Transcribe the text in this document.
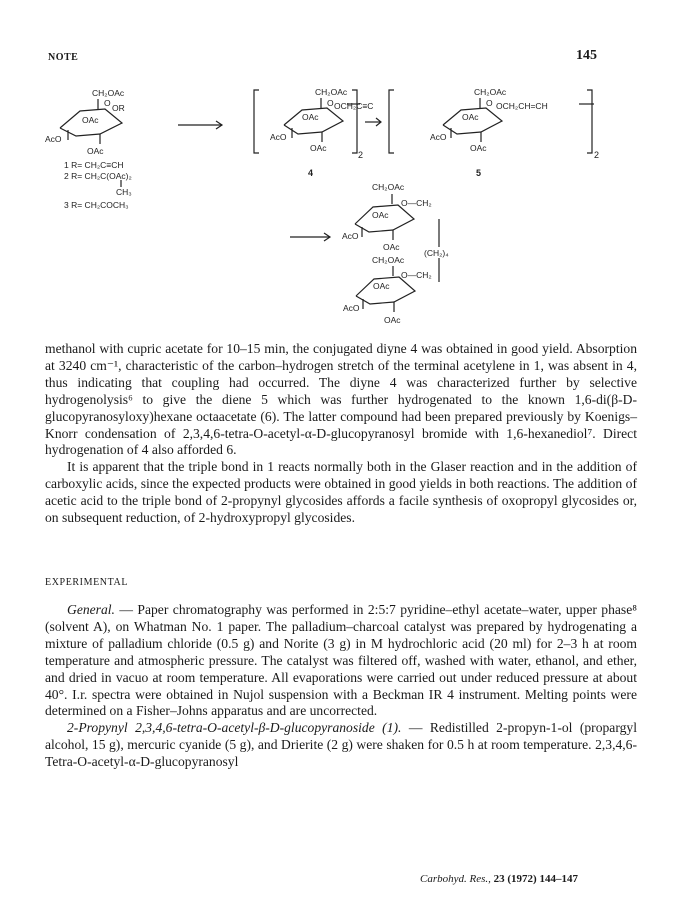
NOTE	145
CH₂OAc
O OR
OAc
AcO
OAc
1 R= CH₂C≡CH
2 R= CH₂C(OAc)₂
CH₃
3 R= CH₂COCH₃
CH₂OAc
O OCH₂C≡C
OAc
AcO
OAc
2
4
CH₂OAc
O OCH₂CH=CH
OAc
AcO
OAc
2
5
CH₂OAc
O—CH₂
OAc
AcO
OAc
(CH₂)₄
CH₂OAc
O—CH₂
OAc
AcO
OAc

methanol with cupric acetate for 10–15 min, the conjugated diyne 4 was obtained in good yield. Absorption at 3240 cm⁻¹, characteristic of the carbon–hydrogen stretch of the terminal acetylene in 1, was absent in 4, thus indicating that coupling had occurred. The diyne 4 was characterized further by selective hydrogenolysis⁶ to give the diene 5 which was further hydrogenated to the known 1,6-di(β-D-glucopyranosyloxy)hexane octaacetate (6). The latter compound had been prepared previously by Koenigs–Knorr condensation of 2,3,4,6-tetra-O-acetyl-α-D-glucopyranosyl bromide with 1,6-hexanediol⁷. Direct hydrogenation of 4 also afforded 6.

It is apparent that the triple bond in 1 reacts normally both in the Glaser reaction and in the addition of carboxylic acids, since the expected products were obtained in good yields in both reactions. The addition of acetic acid to the triple bond of 2-propynyl glycosides affords a facile synthesis of oxopropyl glycosides or, on subsequent reduction, of 2-hydroxypropyl glycosides.

EXPERIMENTAL

General. — Paper chromatography was performed in 2:5:7 pyridine–ethyl acetate–water, upper phase⁸ (solvent A), on Whatman No. 1 paper. The palladium–charcoal catalyst was prepared by hydrogenating a mixture of palladium chloride (0.5 g) and Norite (3 g) in M hydrochloric acid (20 ml) for 2–3 h at room temperature and atmospheric pressure. The catalyst was filtered off, washed with water, ethanol, and ether, and dried in vacuo at room temperature. All evaporations were carried out under reduced pressure at about 40°. I.r. spectra were obtained in Nujol suspension with a Beckman IR 4 instrument. Melting points were determined on a Fisher–Johns apparatus and are uncorrected.

2-Propynyl 2,3,4,6-tetra-O-acetyl-β-D-glucopyranoside (1). — Redistilled 2-propyn-1-ol (propargyl alcohol, 15 g), mercuric cyanide (5 g), and Drierite (2 g) were shaken for 0.5 h at room temperature. 2,3,4,6-Tetra-O-acetyl-α-D-glucopyranosyl

Carbohyd. Res., 23 (1972) 144–147
